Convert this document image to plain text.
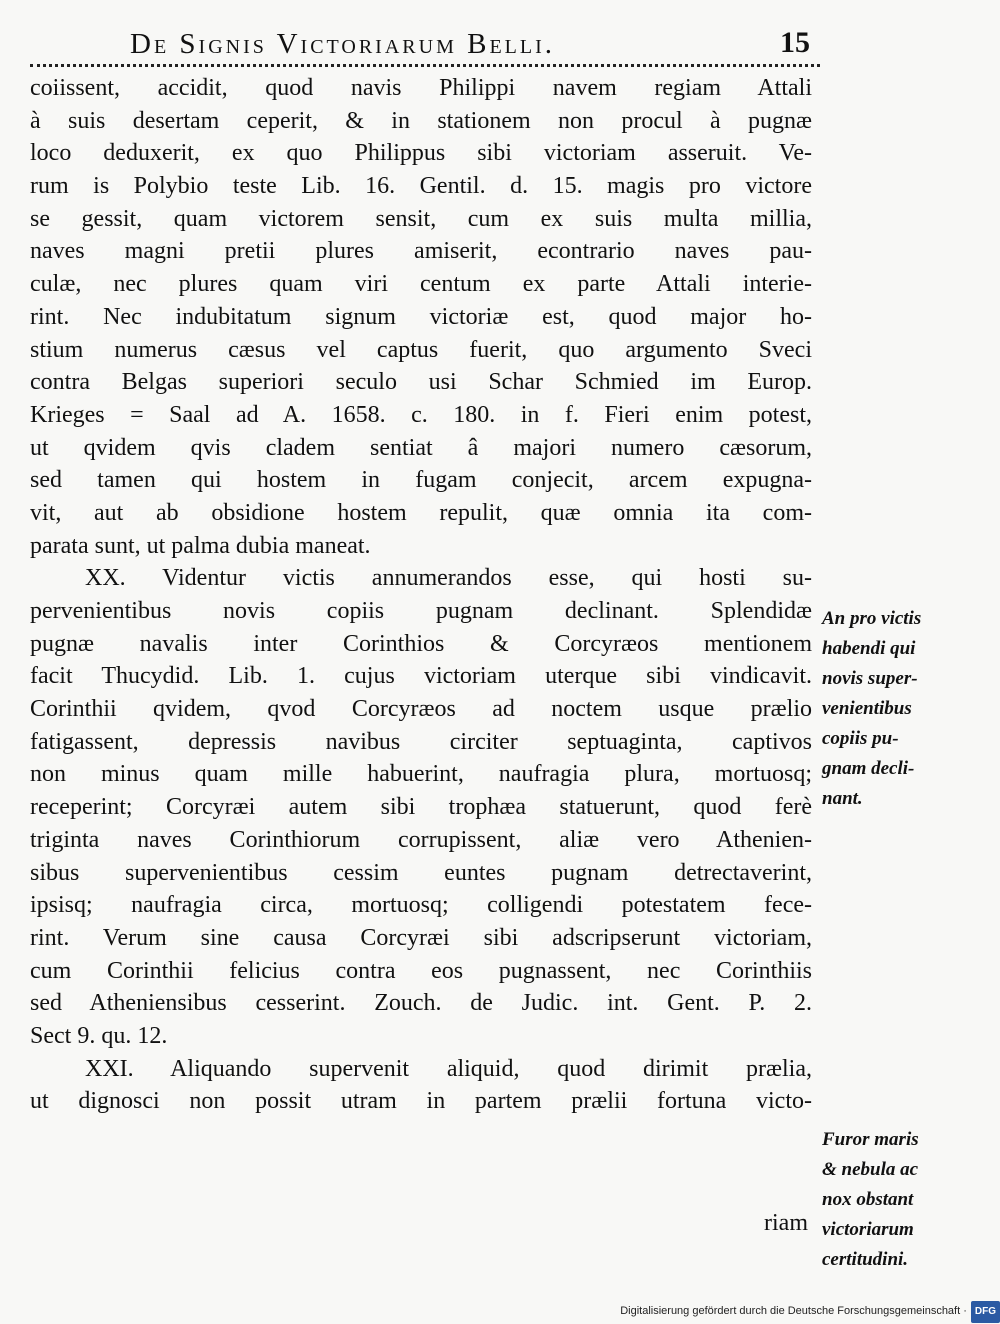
De Signis Victoriarum Belli.	15
coiissent, accidit, quod navis Philippi navem regiam Attali
à suis desertam ceperit, & in stationem non procul à pugnæ
loco deduxerit, ex quo Philippus sibi victoriam asseruit. Ve-
rum is Polybio teste Lib. 16. Gentil. d. 15. magis pro victore
se gessit, quam victorem sensit, cum ex suis multa millia,
naves magni pretii plures amiserit, econtrario naves pau-
culæ, nec plures quam viri centum ex parte Attali interie-
rint. Nec indubitatum signum victoriæ est, quod major ho-
stium numerus cæsus vel captus fuerit, quo argumento Sveci
contra Belgas superiori seculo usi Schar Schmied im Europ.
Krieges = Saal ad A. 1658. c. 180. in f. Fieri enim potest,
ut qvidem qvis cladem sentiat â majori numero cæsorum,
sed tamen qui hostem in fugam conjecit, arcem expugna-
vit, aut ab obsidione hostem repulit, quæ omnia ita com-
parata sunt, ut palma dubia maneat.
XX. Videntur victis annumerandos esse, qui hosti su-
pervenientibus novis copiis pugnam declinant. Splendidæ
pugnæ navalis inter Corinthios & Corcyræos mentionem
facit Thucydid. Lib. 1. cujus victoriam uterque sibi vindicavit.
Corinthii qvidem, qvod Corcyræos ad noctem usque prælio
fatigassent, depressis navibus circiter septuaginta, captivos
non minus quam mille habuerint, naufragia plura, mortuosq;
receperint; Corcyræi autem sibi trophæa statuerunt, quod ferè
triginta naves Corinthiorum corrupissent, aliæ vero Athenien-
sibus supervenientibus cessim euntes pugnam detrectaverint,
ipsisq; naufragia circa, mortuosq; colligendi potestatem fece-
rint. Verum sine causa Corcyræi sibi adscripserunt victoriam,
cum Corinthii felicius contra eos pugnassent, nec Corinthiis
sed Atheniensibus cesserint. Zouch. de Judic. int. Gent. P. 2.
Sect 9. qu. 12.
XXI. Aliquando supervenit aliquid, quod dirimit prælia,
ut dignosci non possit utram in partem prælii fortuna victo-
riam
An pro victis
habendi qui
novis super-
venientibus
copiis pu-
gnam decli-
nant.
Furor maris
& nebula ac
nox obstant
victoriarum
certitudini.
Digitalisierung gefördert durch die Deutsche Forschungsgemeinschaft · DFG
